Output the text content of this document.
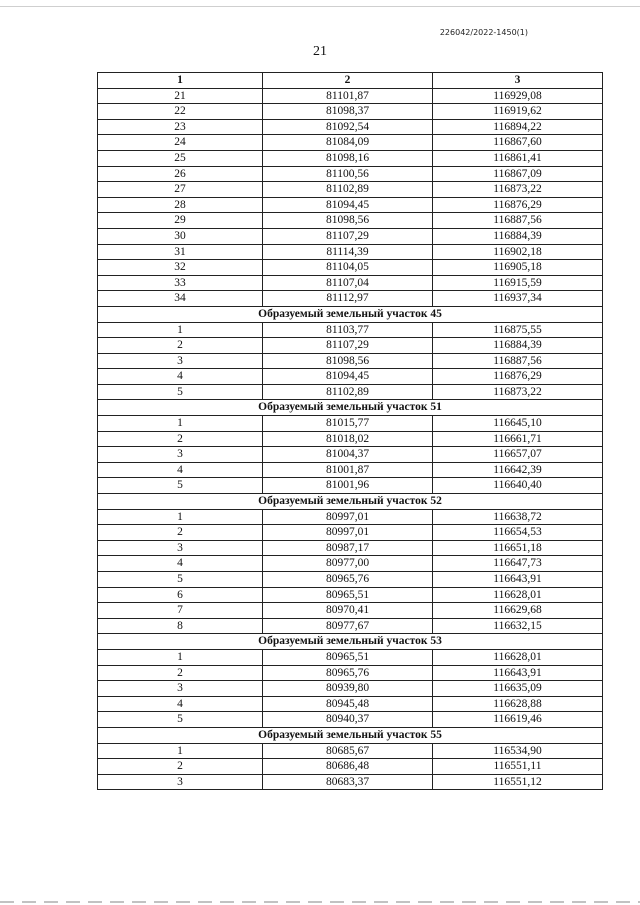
226042/2022-1450(1)
21
1	2	3
21	81101,87	116929,08
22	81098,37	116919,62
23	81092,54	116894,22
24	81084,09	116867,60
25	81098,16	116861,41
26	81100,56	116867,09
27	81102,89	116873,22
28	81094,45	116876,29
29	81098,56	116887,56
30	81107,29	116884,39
31	81114,39	116902,18
32	81104,05	116905,18
33	81107,04	116915,59
34	81112,97	116937,34
Образуемый земельный участок 45		
1	81103,77	116875,55
2	81107,29	116884,39
3	81098,56	116887,56
4	81094,45	116876,29
5	81102,89	116873,22
Образуемый земельный участок 51		
1	81015,77	116645,10
2	81018,02	116661,71
3	81004,37	116657,07
4	81001,87	116642,39
5	81001,96	116640,40
Образуемый земельный участок 52		
1	80997,01	116638,72
2	80997,01	116654,53
3	80987,17	116651,18
4	80977,00	116647,73
5	80965,76	116643,91
6	80965,51	116628,01
7	80970,41	116629,68
8	80977,67	116632,15
Образуемый земельный участок 53		
1	80965,51	116628,01
2	80965,76	116643,91
3	80939,80	116635,09
4	80945,48	116628,88
5	80940,37	116619,46
Образуемый земельный участок 55		
1	80685,67	116534,90
2	80686,48	116551,11
3	80683,37	116551,12
